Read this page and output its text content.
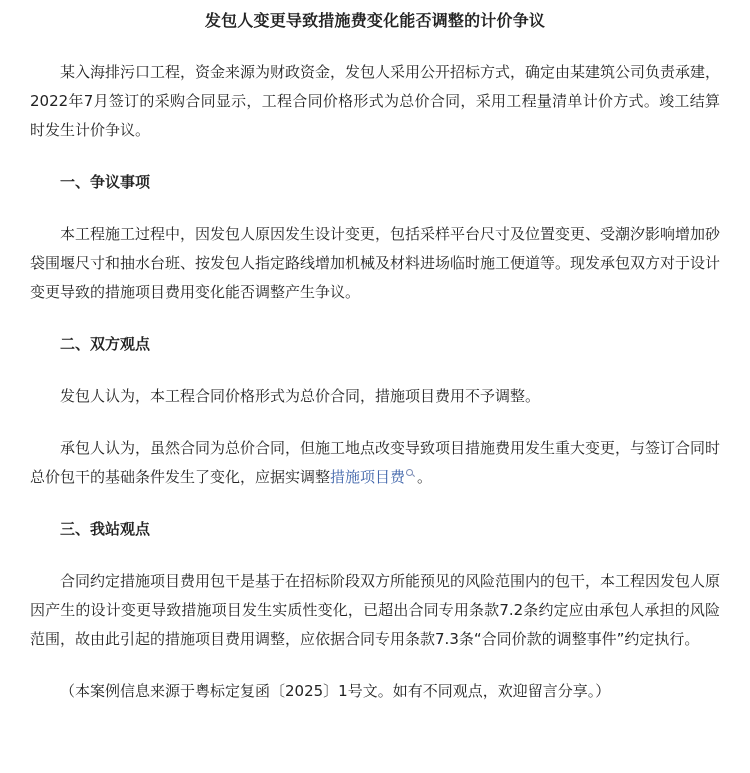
发包人变更导致措施费变化能否调整的计价争议

某入海排污口工程，资金来源为财政资金，发包人采用公开招标方式，确定由某建筑公司负责承建，2022年7月签订的采购合同显示，工程合同价格形式为总价合同，采用工程量清单计价方式。竣工结算时发生计价争议。

一、争议事项

本工程施工过程中，因发包人原因发生设计变更，包括采样平台尺寸及位置变更、受潮汐影响增加砂袋围堰尺寸和抽水台班、按发包人指定路线增加机械及材料进场临时施工便道等。现发承包双方对于设计变更导致的措施项目费用变化能否调整产生争议。

二、双方观点

发包人认为，本工程合同价格形式为总价合同，措施项目费用不予调整。

承包人认为，虽然合同为总价合同，但施工地点改变导致项目措施费用发生重大变更，与签订合同时总价包干的基础条件发生了变化，应据实调整措施项目费 。

三、我站观点

合同约定措施项目费用包干是基于在招标阶段双方所能预见的风险范围内的包干，本工程因发包人原因产生的设计变更导致措施项目发生实质性变化，已超出合同专用条款7.2条约定应由承包人承担的风险范围，故由此引起的措施项目费用调整，应依据合同专用条款7.3条“合同价款的调整事件”约定执行。

（本案例信息来源于粤标定复函〔2025〕1号文。如有不同观点，欢迎留言分享。）
